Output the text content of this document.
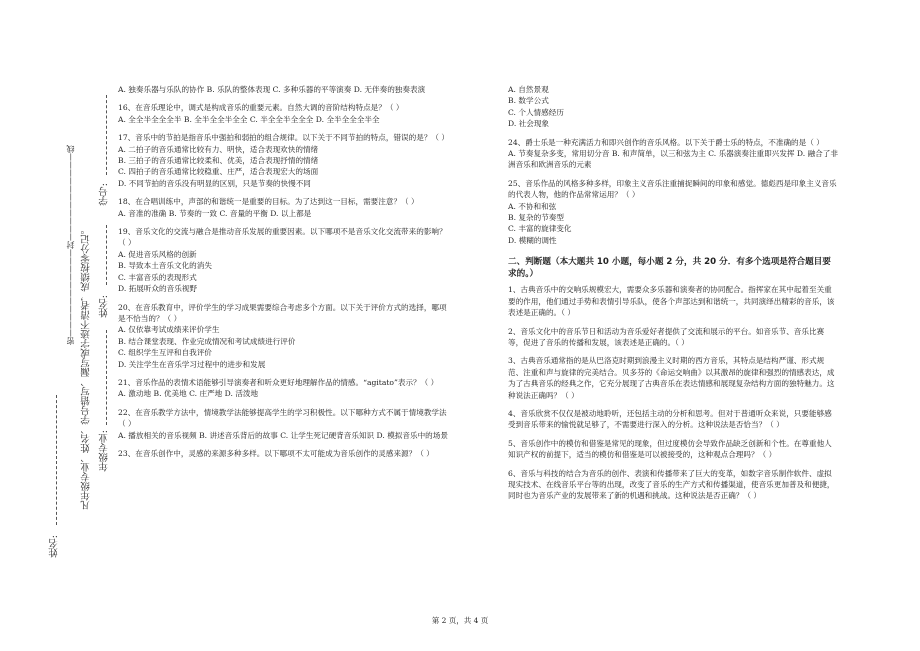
学号:
姓名:
年级专业:
姓名:
凡年级专业、姓名、学号错写、漏写或字迹不清者，成绩按零分记。
密———————————封———————————线

A. 独奏乐器与乐队的协作 B. 乐队的整体表现 C. 多种乐器的平等演奏 D. 无伴奏的独奏表演

16、在音乐理论中，调式是构成音乐的重要元素。自然大调的音阶结构特点是？（ ）

A. 全全半全全全半 B. 全半全全半全全 C. 半全全半全全全 D. 全半全全全半全

17、音乐中的节拍是指音乐中强拍和弱拍的组合规律。以下关于不同节拍的特点，错误的是？（ ）

A. 二拍子的音乐通常比较有力、明快，适合表现欢快的情绪

B. 三拍子的音乐通常比较柔和、优美，适合表现抒情的情绪

C. 四拍子的音乐通常比较稳重、庄严，适合表现宏大的场面

D. 不同节拍的音乐没有明显的区别，只是节奏的快慢不同

18、在合唱训练中，声部的和谐统一是重要的目标。为了达到这一目标，需要注意？（ ）

A. 音准的准确 B. 节奏的一致 C. 音量的平衡 D. 以上都是

19、音乐文化的交流与融合是推动音乐发展的重要因素。以下哪项不是音乐文化交流带来的影响？（ ）

A. 促进音乐风格的创新

B. 导致本土音乐文化的消失

C. 丰富音乐的表现形式

D. 拓展听众的音乐视野

20、在音乐教育中，评价学生的学习成果需要综合考虑多个方面。以下关于评价方式的选择，哪项是不恰当的？（ ）

A. 仅依靠考试成绩来评价学生

B. 结合课堂表现、作业完成情况和考试成绩进行评价

C. 组织学生互评和自我评价

D. 关注学生在音乐学习过程中的进步和发展

21、音乐作品的表情术语能够引导演奏者和听众更好地理解作品的情感。“agitato”表示？（ ）

A. 激动地 B. 优美地 C. 庄严地 D. 活泼地

22、在音乐教学方法中，情境教学法能够提高学生的学习积极性。以下哪种方式不属于情境教学法（ ）

A. 播放相关的音乐视频 B. 讲述音乐背后的故事 C. 让学生死记硬背音乐知识 D. 模拟音乐中的场景

23、在音乐创作中，灵感的来源多种多样。以下哪项不太可能成为音乐创作的灵感来源？（ ）

A. 自然景观

B. 数学公式

C. 个人情感经历

D. 社会现象

24、爵士乐是一种充满活力和即兴创作的音乐风格。以下关于爵士乐的特点，不准确的是（ ）

A. 节奏复杂多变，常用切分音 B. 和声简单，以三和弦为主 C. 乐器演奏注重即兴发挥 D. 融合了非洲音乐和欧洲音乐的元素

25、音乐作品的风格多种多样，印象主义音乐注重捕捉瞬间的印象和感觉。德彪西是印象主义音乐的代表人物，他的作品常常运用？（ ）

A. 不协和和弦

B. 复杂的节奏型

C. 丰富的旋律变化

D. 模糊的调性

二、判断题（本大题共 10 小题，每小题 2 分，共 20 分．有多个选项是符合题目要求的。）

1、古典音乐中的交响乐规模宏大，需要众多乐器和演奏者的协同配合。指挥家在其中起着至关重要的作用，他们通过手势和表情引导乐队，使各个声部达到和谐统一，共同演绎出精彩的音乐，该表述是正确的。（ ）

2、音乐文化中的音乐节日和活动为音乐爱好者提供了交流和展示的平台。如音乐节、音乐比赛等，促进了音乐的传播和发展，该表述是正确的。（ ）

3、古典音乐通常指的是从巴洛克时期到浪漫主义时期的西方音乐，其特点是结构严谨、形式规范、注重和声与旋律的完美结合。贝多芬的《命运交响曲》以其激昂的旋律和强烈的情感表达，成为了古典音乐的经典之作，它充分展现了古典音乐在表达情感和展现复杂结构方面的独特魅力。这种说法正确吗？（ ）

4、音乐欣赏不仅仅是被动地聆听，还包括主动的分析和思考。但对于普通听众来说，只要能够感受到音乐带来的愉悦就足够了，不需要进行深入的分析。这种说法是否恰当？（ ）

5、音乐创作中的模仿和借鉴是常见的现象，但过度模仿会导致作品缺乏创新和个性。在尊重他人知识产权的前提下，适当的模仿和借鉴是可以被接受的，这种观点合理吗？（ ）

6、音乐与科技的结合为音乐的创作、表演和传播带来了巨大的变革，如数字音乐制作软件、虚拟现实技术、在线音乐平台等的出现，改变了音乐的生产方式和传播渠道，使音乐更加普及和便捷，同时也为音乐产业的发展带来了新的机遇和挑战。这种说法是否正确？（ ）

第 2 页，共 4 页
